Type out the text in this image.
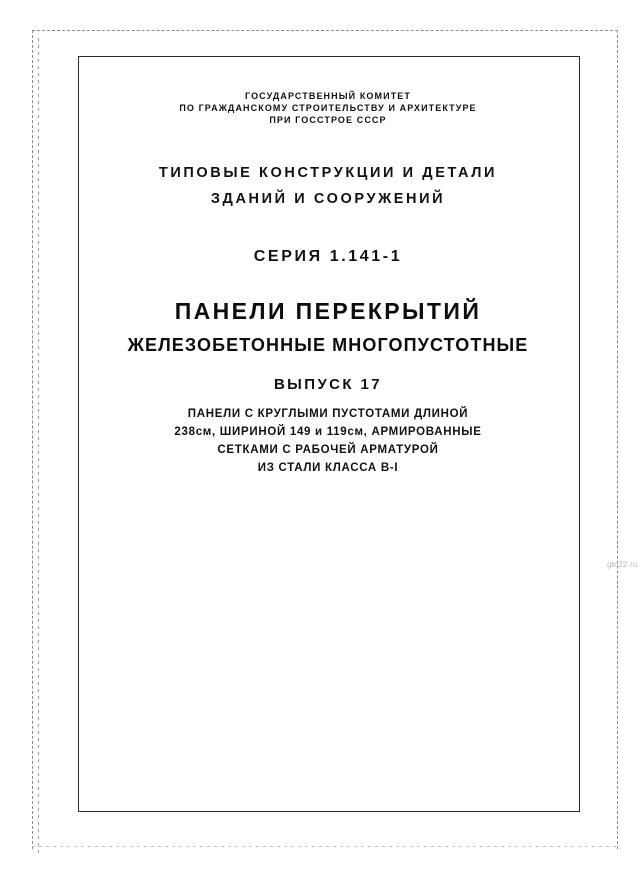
ГОСУДАРСТВЕННЫЙ КОМИТЕТ
ПО ГРАЖДАНСКОМУ СТРОИТЕЛЬСТВУ И АРХИТЕКТУРЕ
ПРИ ГОССТРОЕ СССР
ТИПОВЫЕ КОНСТРУКЦИИ И ДЕТАЛИ
ЗДАНИЙ И СООРУЖЕНИЙ
СЕРИЯ 1.141-1
ПАНЕЛИ ПЕРЕКРЫТИЙ
ЖЕЛЕЗОБЕТОННЫЕ МНОГОПУСТОТНЫЕ
ВЫПУСК 17
ПАНЕЛИ С КРУГЛЫМИ ПУСТОТАМИ ДЛИНОЙ
238см, ШИРИНОЙ 149 и 119см, АРМИРОВАННЫЕ
СЕТКАМИ С РАБОЧЕЙ АРМАТУРОЙ
ИЗ СТАЛИ КЛАССА В-I
gbi22.ru
